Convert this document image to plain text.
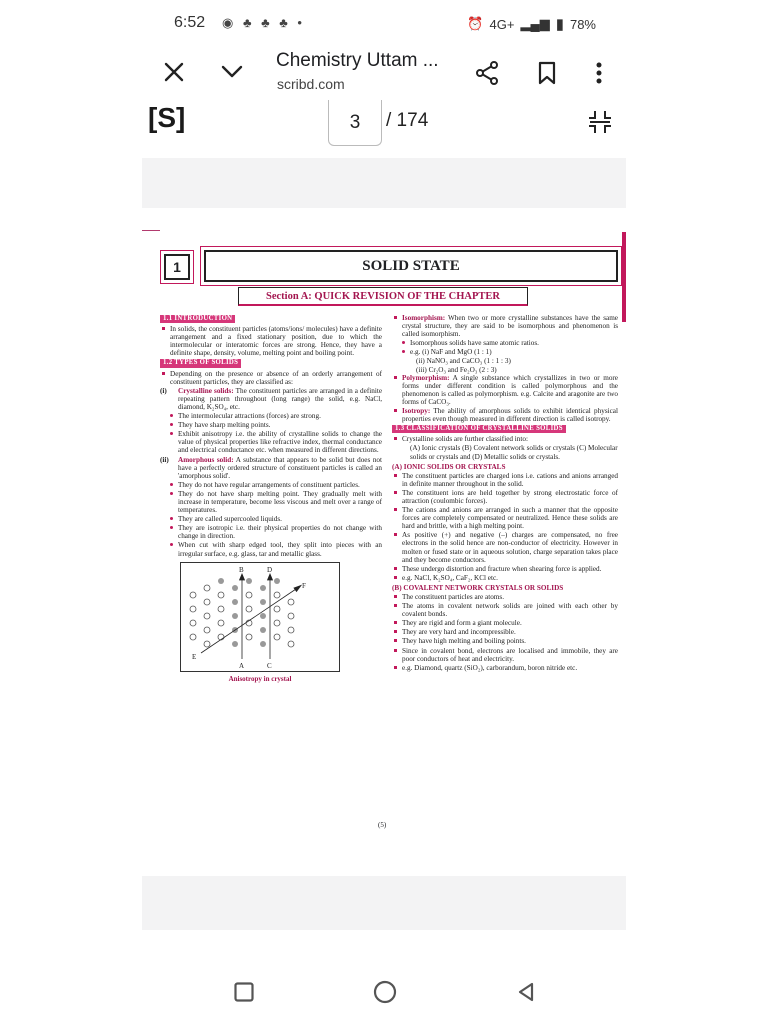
6:52 ◉ ♣ ♣ ♣ •	⏰ 4G+ ▂▄▆ ▮ 78%
Chemistry Uttam ...
scribd.com
[S]	3	/ 174
1	SOLID STATE
Section A: QUICK REVISION OF THE CHAPTER
1.1 INTRODUCTION
In solids, the constituent particles (atoms/ions/ molecules) have a definite arrangement and a fixed stationary position, due to which the intermolecular or interatomic forces are strong. Hence, they have a definite shape, density, volume, melting point and boiling point.
1.2 TYPES OF SOLIDS
Depending on the presence or absence of an orderly arrangement of constituent particles, they are classified as:
(i) Crystalline solids: The constituent particles are arranged in a definite repeating pattern throughout (long range) the solid, e.g. NaCl, diamond, K₂SO₄, etc.
The intermolecular attractions (forces) are strong.
They have sharp melting points.
Exhibit anisotropy i.e. the ability of crystalline solids to change the value of physical properties like refractive index, thermal conductance and electrical conductance etc. when measured in different directions.
(ii) Amorphous solid: A substance that appears to be solid but does not have a perfectly ordered structure of constituent particles is called an 'amorphous solid'.
They do not have regular arrangements of constituent particles.
They do not have sharp melting point. They gradually melt with increase in temperature, become less viscous and melt over a range of temperatures.
They are called supercooled liquids.
They are isotropic i.e. their physical properties do not change with change in direction.
When cut with sharp edged tool, they split into pieces with an irregular surface, e.g. glass, tar and metallic glass.
B	D
F
E
A	C
Anisotropy in crystal
Isomorphism: When two or more crystalline substances have the same crystal structure, they are said to be isomorphous and phenomenon is called isomorphism.
Isomorphous solids have same atomic ratios.
e.g. (i) NaF and MgO (1 : 1)
(ii) NaNO₃ and CaCO₃ (1 : 1 : 3)
(iii) Cr₂O₃ and Fe₂O₃ (2 : 3)
Polymorphism: A single substance which crystallizes in two or more forms under different condition is called polymorphous and the phenomenon is called as polymorphism. e.g. Calcite and aragonite are two forms of CaCO₃.
Isotropy: The ability of amorphous solids to exhibit identical physical properties even though measured in different direction is called isotropy.
1.3 CLASSIFICATION OF CRYSTALLINE SOLIDS
Crystalline solids are further classified into:
(A) Ionic crystals (B) Covalent network solids or crystals (C) Molecular solids or crystals and (D) Metallic solids or crystals.
(A) IONIC SOLIDS OR CRYSTALS
The constituent particles are charged ions i.e. cations and anions arranged in definite manner throughout in the solid.
The constituent ions are held together by strong electrostatic force of attraction (coulombic forces).
The cations and anions are arranged in such a manner that the opposite forces are completely compensated or neutralized. Hence these solids are hard and brittle, with a high melting point.
As positive (+) and negative (–) charges are compensated, no free electrons in the solid hence are non-conductor of electricity. However in molten or fused state or in aqueous solution, charge separation takes place and they become conductors.
These undergo distortion and fracture when shearing force is applied.
e.g. NaCl, K₂SO₄, CaF₂, KCl etc.
(B) COVALENT NETWORK CRYSTALS OR SOLIDS
The constituent particles are atoms.
The atoms in covalent network solids are joined with each other by covalent bonds.
They are rigid and form a giant molecule.
They are very hard and incompressible.
They have high melting and boiling points.
Since in covalent bond, electrons are localised and immobile, they are poor conductors of heat and electricity.
e.g. Diamond, quartz (SiO₂), carborandum, boron nitride etc.
(5)
